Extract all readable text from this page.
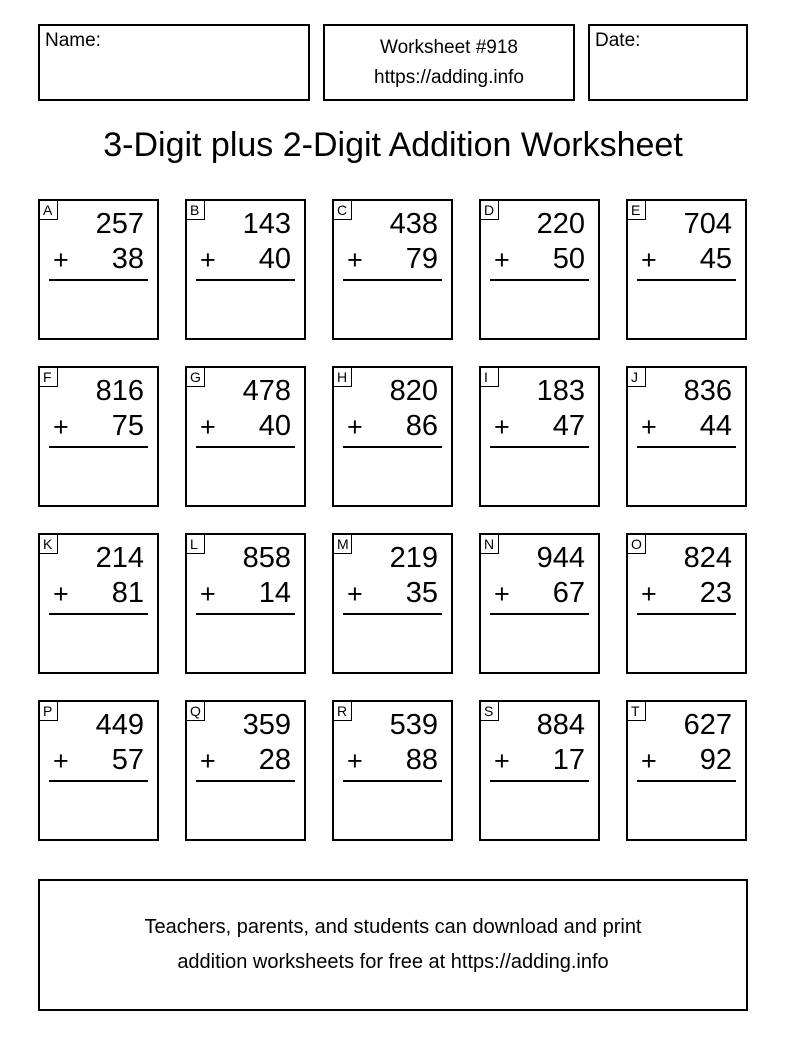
Name:	Worksheet #918
https://adding.info
Date:
3-Digit plus 2-Digit Addition Worksheet
A 257
+ 38
B 143
+ 40
C 438
+ 79
D 220
+ 50
E 704
+ 45
F 816
+ 75
G 478
+ 40
H 820
+ 86
I	183
+ 47
J 836
+ 44
K 214
+ 81
L 858
+ 14
M 219
+ 35
N 944
+ 67
O 824
+ 23
P 449
+ 57
Q 359
+ 28
R 539
+ 88
S 884
+ 17
T 627
+ 92
Teachers, parents, and students can download and print
addition worksheets for free at https://adding.info
